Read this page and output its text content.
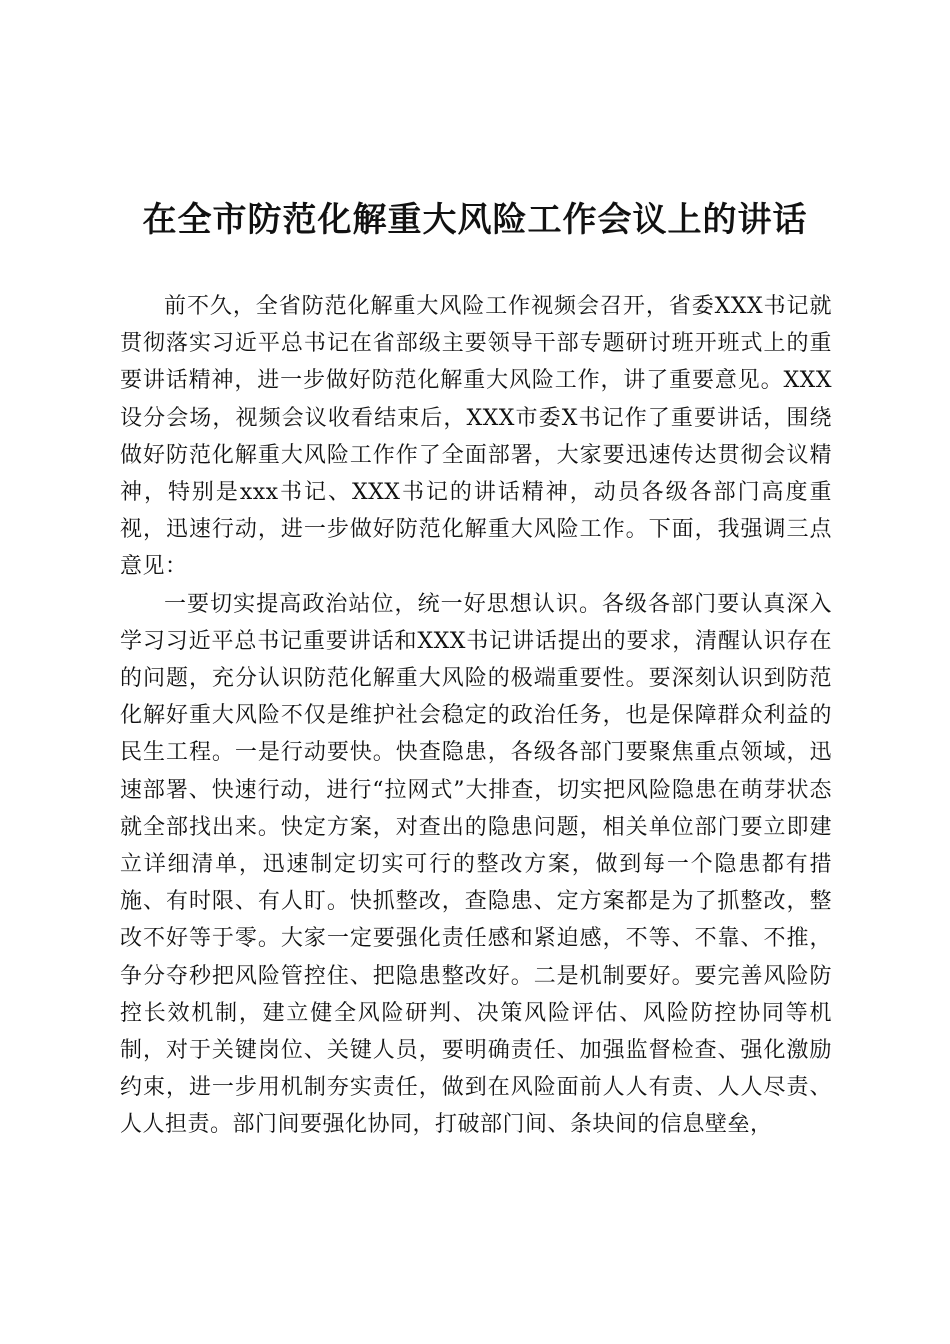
在全市防范化解重大风险工作会议上的讲话

前不久，全省防范化解重大风险工作视频会召开，省委XXX书记就贯彻落实习近平总书记在省部级主要领导干部专题研讨班开班式上的重要讲话精神，进一步做好防范化解重大风险工作，讲了重要意见。XXX设分会场，视频会议收看结束后，XXX市委X书记作了重要讲话，围绕做好防范化解重大风险工作作了全面部署，大家要迅速传达贯彻会议精神，特别是xxx书记、XXX书记的讲话精神，动员各级各部门高度重视，迅速行动，进一步做好防范化解重大风险工作。下面，我强调三点意见：

一要切实提高政治站位，统一好思想认识。各级各部门要认真深入学习习近平总书记重要讲话和XXX书记讲话提出的要求，清醒认识存在的问题，充分认识防范化解重大风险的极端重要性。要深刻认识到防范化解好重大风险不仅是维护社会稳定的政治任务，也是保障群众利益的民生工程。一是行动要快。快查隐患，各级各部门要聚焦重点领域，迅速部署、快速行动，进行“拉网式”大排查，切实把风险隐患在萌芽状态就全部找出来。快定方案，对查出的隐患问题，相关单位部门要立即建立详细清单，迅速制定切实可行的整改方案，做到每一个隐患都有措施、有时限、有人盯。快抓整改，查隐患、定方案都是为了抓整改，整改不好等于零。大家一定要强化责任感和紧迫感，不等、不靠、不推，争分夺秒把风险管控住、把隐患整改好。二是机制要好。要完善风险防控长效机制，建立健全风险研判、决策风险评估、风险防控协同等机制，对于关键岗位、关键人员，要明确责任、加强监督检查、强化激励约束，进一步用机制夯实责任，做到在风险面前人人有责、人人尽责、人人担责。部门间要强化协同，打破部门间、条块间的信息壁垒，
